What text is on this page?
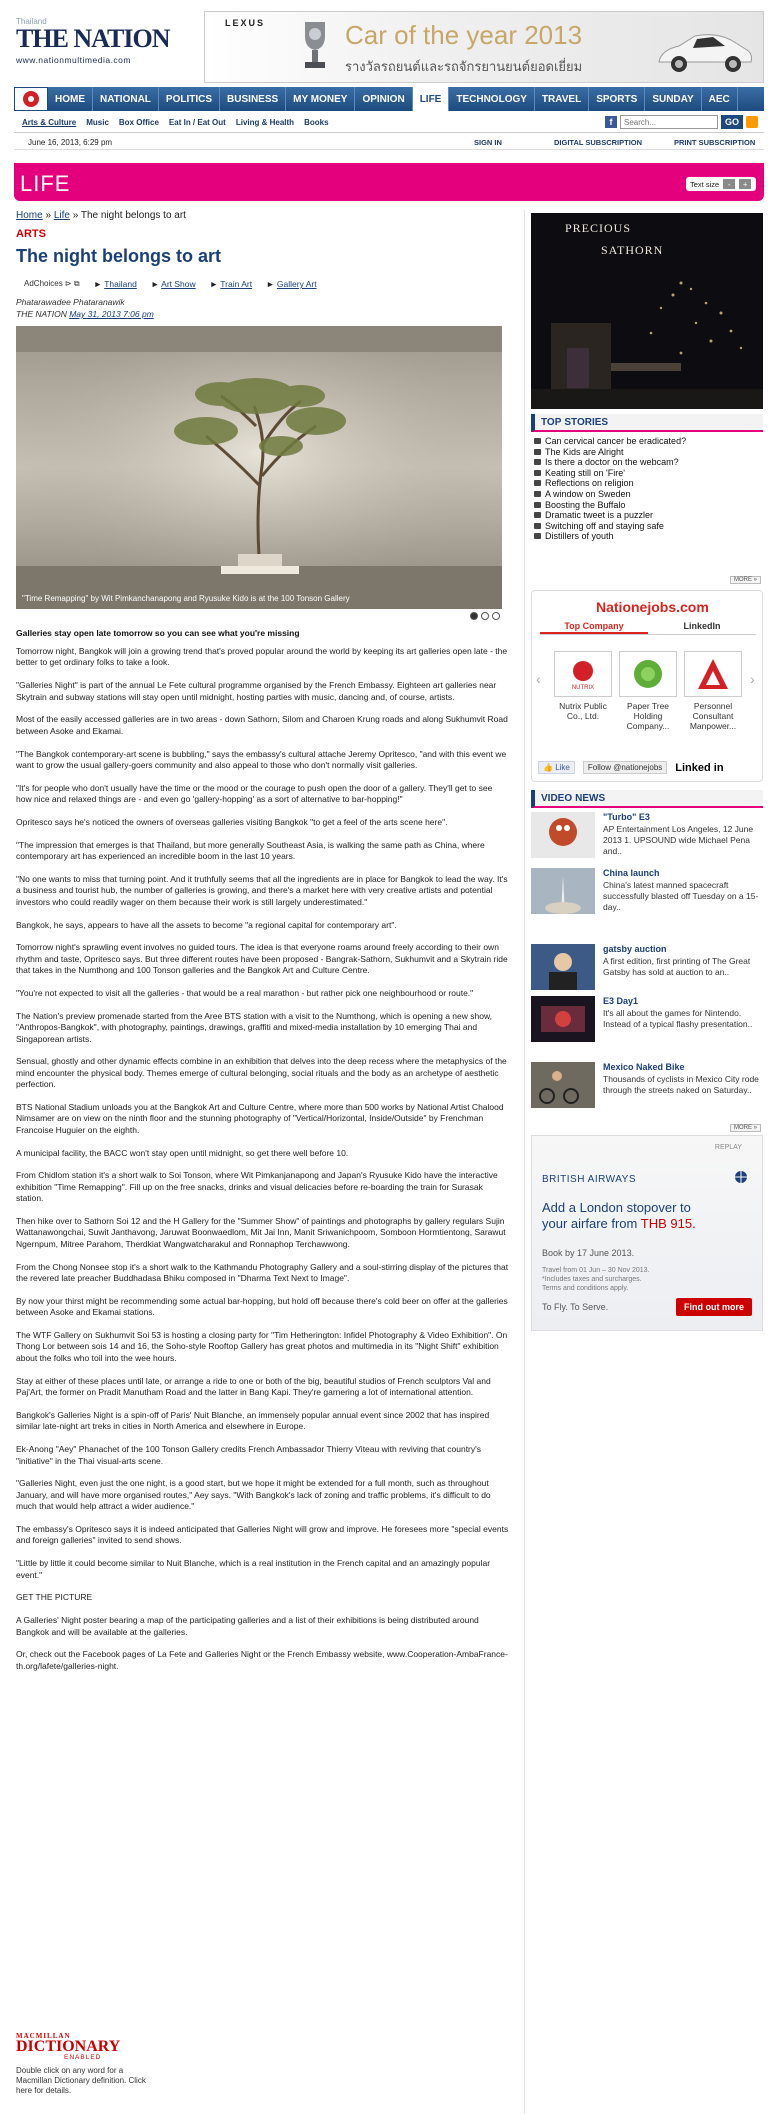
Thailand
THE NATION
www.nationmultimedia.com
LEXUS	Car of the year 2013
รางวัลรถยนต์และรถจักรยานยนต์ยอดเยี่ยม
HOME	NATIONAL	POLITICS	BUSINESS	MY MONEY	OPINION	LIFE	TECHNOLOGY	TRAVEL	SPORTS	SUNDAY	AEC
Arts & Culture Music Box Office Eat In / Eat Out Living & Health Books	f
Search...	GO
June 16, 2013, 6:29 pm	SIGN IN	DIGITAL SUBSCRIPTION	PRINT SUBSCRIPTION
LIFE	Text size	-	+
Home » Life » The night belongs to art
ARTS
The night belongs to art
AdChoices ⊳ ⧉ ► Thailand ► Art Show ► Train Art ► Gallery Art
Phatarawadee Phataranawik
THE NATION May 31, 2013 7:06 pm
"Time Remapping" by Wit Pimkanchanapong and Ryusuke Kido is at the 100 Tonson Gallery
Galleries stay open late tomorrow so you can see what you're missing

Tomorrow night, Bangkok will join a growing trend that's proved popular around the world by keeping its art galleries open late - the better to get ordinary folks to take a look.

"Galleries Night" is part of the annual Le Fete cultural programme organised by the French Embassy. Eighteen art galleries near Skytrain and subway stations will stay open until midnight, hosting parties with music, dancing and, of course, artists.

Most of the easily accessed galleries are in two areas - down Sathorn, Silom and Charoen Krung roads and along Sukhumvit Road between Asoke and Ekamai.

"The Bangkok contemporary-art scene is bubbling," says the embassy's cultural attache Jeremy Opritesco, "and with this event we want to grow the usual gallery-goers community and also appeal to those who don't normally visit galleries.

"It's for people who don't usually have the time or the mood or the courage to push open the door of a gallery. They'll get to see how nice and relaxed things are - and even go 'gallery-hopping' as a sort of alternative to bar-hopping!"

Opritesco says he's noticed the owners of overseas galleries visiting Bangkok "to get a feel of the arts scene here".

"The impression that emerges is that Thailand, but more generally Southeast Asia, is walking the same path as China, where contemporary art has experienced an incredible boom in the last 10 years.

"No one wants to miss that turning point. And it truthfully seems that all the ingredients are in place for Bangkok to lead the way. It's a business and tourist hub, the number of galleries is growing, and there's a market here with very creative artists and potential investors who could readily wager on them because their work is still largely underestimated."

Bangkok, he says, appears to have all the assets to become "a regional capital for contemporary art".

Tomorrow night's sprawling event involves no guided tours. The idea is that everyone roams around freely according to their own rhythm and taste, Opritesco says. But three different routes have been proposed - Bangrak-Sathorn, Sukhumvit and a Skytrain ride that takes in the Numthong and 100 Tonson galleries and the Bangkok Art and Culture Centre.

"You're not expected to visit all the galleries - that would be a real marathon - but rather pick one neighbourhood or route."

The Nation's preview promenade started from the Aree BTS station with a visit to the Numthong, which is opening a new show, "Anthropos-Bangkok", with photography, paintings, drawings, graffiti and mixed-media installation by 10 emerging Thai and Singaporean artists.

Sensual, ghostly and other dynamic effects combine in an exhibition that delves into the deep recess where the metaphysics of the mind encounter the physical body. Themes emerge of cultural belonging, social rituals and the body as an archetype of aesthetic perfection.

BTS National Stadium unloads you at the Bangkok Art and Culture Centre, where more than 500 works by National Artist Chalood Nimsamer are on view on the ninth floor and the stunning photography of "Vertical/Horizontal, Inside/Outside" by Frenchman Francoise Huguier on the eighth.

A municipal facility, the BACC won't stay open until midnight, so get there well before 10.

From Chidlom station it's a short walk to Soi Tonson, where Wit Pimkanjanapong and Japan's Ryusuke Kido have the interactive exhibition "Time Remapping". Fill up on the free snacks, drinks and visual delicacies before re-boarding the train for Surasak station.

Then hike over to Sathorn Soi 12 and the H Gallery for the "Summer Show" of paintings and photographs by gallery regulars Sujin Wattanawongchai, Suwit Janthavong, Jaruwat Boonwaedlom, Mit Jai Inn, Manit Sriwanichpoom, Somboon Hormtientong, Sarawut Ngernpum, Mitree Parahom, Therdkiat Wangwatcharakul and Ronnaphop Terchawwong.

From the Chong Nonsee stop it's a short walk to the Kathmandu Photography Gallery and a soul-stirring display of the pictures that the revered late preacher Buddhadasa Bhiku composed in "Dharma Text Next to Image".

By now your thirst might be recommending some actual bar-hopping, but hold off because there's cold beer on offer at the galleries between Asoke and Ekamai stations.

The WTF Gallery on Sukhumvit Soi 53 is hosting a closing party for "Tim Hetherington: Infidel Photography & Video Exhibition". On Thong Lor between sois 14 and 16, the Soho-style Rooftop Gallery has great photos and multimedia in its "Night Shift" exhibition about the folks who toil into the wee hours.

Stay at either of these places until late, or arrange a ride to one or both of the big, beautiful studios of French sculptors Val and Paj'Art, the former on Pradit Manutham Road and the latter in Bang Kapi. They're garnering a lot of international attention.

Bangkok's Galleries Night is a spin-off of Paris' Nuit Blanche, an immensely popular annual event since 2002 that has inspired similar late-night art treks in cities in North America and elsewhere in Europe.

Ek-Anong "Aey" Phanachet of the 100 Tonson Gallery credits French Ambassador Thierry Viteau with reviving that country's "initiative" in the Thai visual-arts scene.

"Galleries Night, even just the one night, is a good start, but we hope it might be extended for a full month, such as throughout January, and will have more organised routes," Aey says. "With Bangkok's lack of zoning and traffic problems, it's difficult to do much that would help attract a wider audience."

The embassy's Opritesco says it is indeed anticipated that Galleries Night will grow and improve. He foresees more "special events and foreign galleries" invited to send shows.

"Little by little it could become similar to Nuit Blanche, which is a real institution in the French capital and an amazingly popular event."

GET THE PICTURE

A Galleries' Night poster bearing a map of the participating galleries and a list of their exhibitions is being distributed around Bangkok and will be available at the galleries.

Or, check out the Facebook pages of La Fete and Galleries Night or the French Embassy website, www.Cooperation-AmbaFrance-th.org/lafete/galleries-night.

PRECIOUS
SATHORN
TOP STORIES
Can cervical cancer be eradicated?
The Kids are Alright
Is there a doctor on the webcam?
Keating still on 'Fire'
Reflections on religion
A window on Sweden
Boosting the Buffalo
Dramatic tweet is a puzzler
Switching off and staying safe
Distillers of youth
MORE »
Nationejobs.com
Top Company	LinkedIn
‹
NUTRIX
Nutrix Public Co., Ltd.
Paper Tree Holding Company...
Personnel Consultant Manpower...
›
👍 Like	Follow @nationejobs	Linked in
VIDEO NEWS
"Turbo" E3
AP Entertainment Los Angeles, 12 June 2013 1. UPSOUND wide Michael Pena and..
China launch
China's latest manned spacecraft successfully blasted off Tuesday on a 15-day..
gatsby auction
A first edition, first printing of The Great Gatsby has sold at auction to an..
E3 Day1
It's all about the games for Nintendo. Instead of a typical flashy presentation..
Mexico Naked Bike
Thousands of cyclists in Mexico City rode through the streets naked on Saturday..
MORE »
REPLAY
BRITISH AIRWAYS
Add a London stopover to
your airfare from THB 915.
Book by 17 June 2013.
Travel from 01 Jun – 30 Nov 2013.
*Includes taxes and surcharges.
Terms and conditions apply.
To Fly. To Serve.	Find out more
MACMILLAN
DICTIONARY
ENABLED
Double click on any word for a Macmillan Dictionary definition. Click here for details.
